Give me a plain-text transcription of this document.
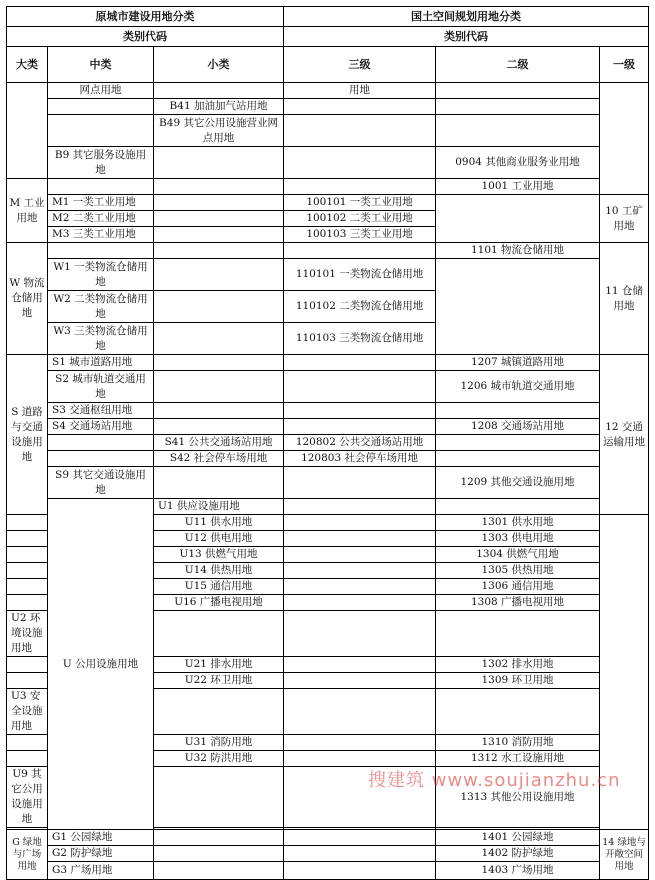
原城市建设用地分类			国土空间规划用地分类			
类别代码			类别代码			
大类	中类	小类	三级	二级	一级	
	网点用地		用地			
		B41 加油加气站用地				
		B49 其它公用设施营业网点用地				
	B9 其它服务设施用地			0904 其他商业服务业用地		
M 工业用地				1001 工业用地		
	M1 一类工业用地		100101 一类工业用地		10 工矿用地	
	M2 二类工业用地		100102 二类工业用地			
	M3 三类工业用地		100103 三类工业用地			
W 物流仓储用地				1101 物流仓储用地	11 仓储用地	
	W1 一类物流仓储用地		110101 一类物流仓储用地			
	W2 二类物流仓储用地		110102 二类物流仓储用地			
	W3 三类物流仓储用地		110103 三类物流仓储用地			
S 道路与交通设施用地	S1 城市道路用地			1207 城镇道路用地	12 交通运输用地	
	S2 城市轨道交通用地			1206 城市轨道交通用地		
	S3 交通枢纽用地					
	S4 交通场站用地			1208 交通场站用地		
		S41 公共交通场站用地	120802 公共交通场站用地			
		S42 社会停车场用地	120803 社会停车场用地			
	S9 其它交通设施用地			1209 其他交通设施用地		
	U 公用设施用地	U1 供应设施用地				
		U11 供水用地		1301 供水用地		
		U12 供电用地		1303 供电用地		
		U13 供燃气用地		1304 供燃气用地		
		U14 供热用地		1305 供热用地		
		U15 通信用地		1306 通信用地		
		U16 广播电视用地		1308 广播电视用地		
U2 环境设施用地						
		U21 排水用地		1302 排水用地		
		U22 环卫用地		1309 环卫用地		
U3 安全设施用地						
		U31 消防用地		1310 消防用地		
		U32 防洪用地		1312 水工设施用地		
U9 其它公用设施用地				1313 其他公用设施用地		

G 绿地与广场用地	G1 公园绿地			1401 公园绿地	14 绿地与开敞空间用地	
	G2 防护绿地			1402 防护绿地		
	G3 广场用地			1403 广场用地		
搜建筑 www.soujianzhu.cn
